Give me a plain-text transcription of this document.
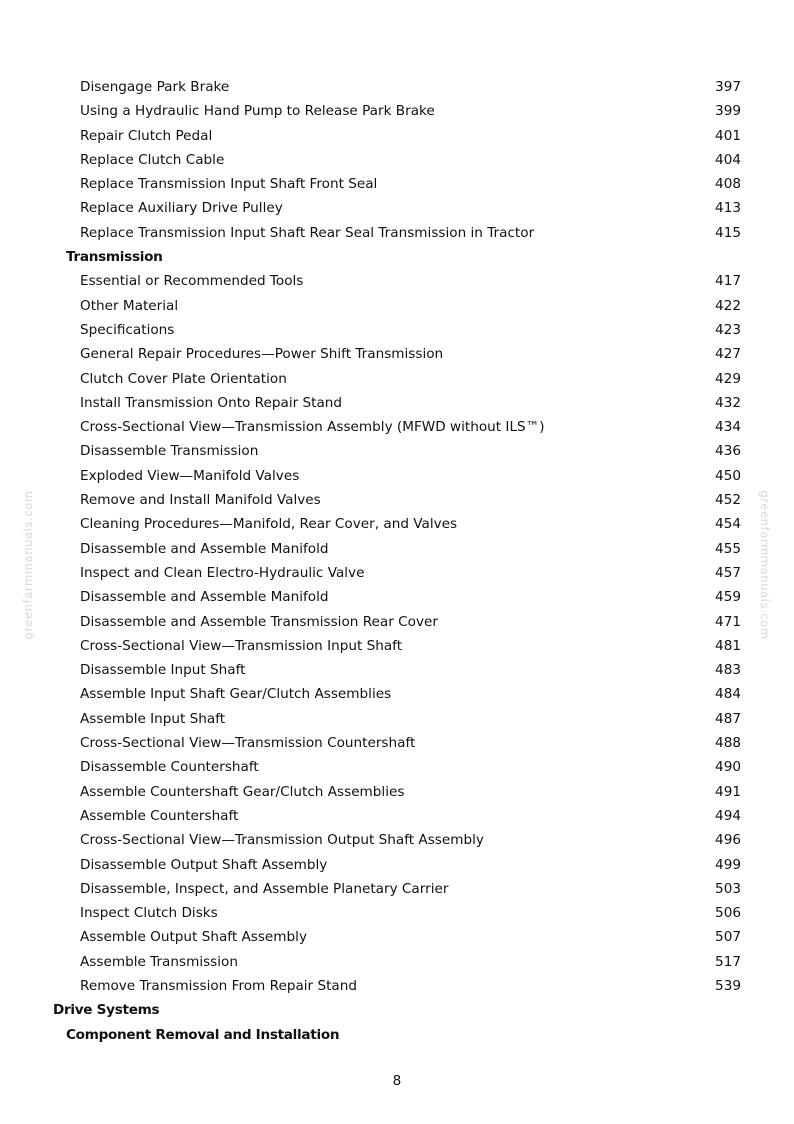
Disengage Park Brake	397
Using a Hydraulic Hand Pump to Release Park Brake	399
Repair Clutch Pedal	401
Replace Clutch Cable	404
Replace Transmission Input Shaft Front Seal	408
Replace Auxiliary Drive Pulley	413
Replace Transmission Input Shaft Rear Seal Transmission in Tractor	415
Transmission
Essential or Recommended Tools	417
Other Material	422
Specifications	423
General Repair Procedures—Power Shift Transmission	427
Clutch Cover Plate Orientation	429
Install Transmission Onto Repair Stand	432
Cross-Sectional View—Transmission Assembly (MFWD without ILS™)	434
Disassemble Transmission	436
Exploded View—Manifold Valves	450
Remove and Install Manifold Valves	452
Cleaning Procedures—Manifold, Rear Cover, and Valves	454
Disassemble and Assemble Manifold	455
Inspect and Clean Electro-Hydraulic Valve	457
Disassemble and Assemble Manifold	459
Disassemble and Assemble Transmission Rear Cover	471
Cross-Sectional View—Transmission Input Shaft	481
Disassemble Input Shaft	483
Assemble Input Shaft Gear/Clutch Assemblies	484
Assemble Input Shaft	487
Cross-Sectional View—Transmission Countershaft	488
Disassemble Countershaft	490
Assemble Countershaft Gear/Clutch Assemblies	491
Assemble Countershaft	494
Cross-Sectional View—Transmission Output Shaft Assembly	496
Disassemble Output Shaft Assembly	499
Disassemble, Inspect, and Assemble Planetary Carrier	503
Inspect Clutch Disks	506
Assemble Output Shaft Assembly	507
Assemble Transmission	517
Remove Transmission From Repair Stand	539
Drive Systems
Component Removal and Installation
greenfarmmanuals.com	greenfarmmanuals.com
8
